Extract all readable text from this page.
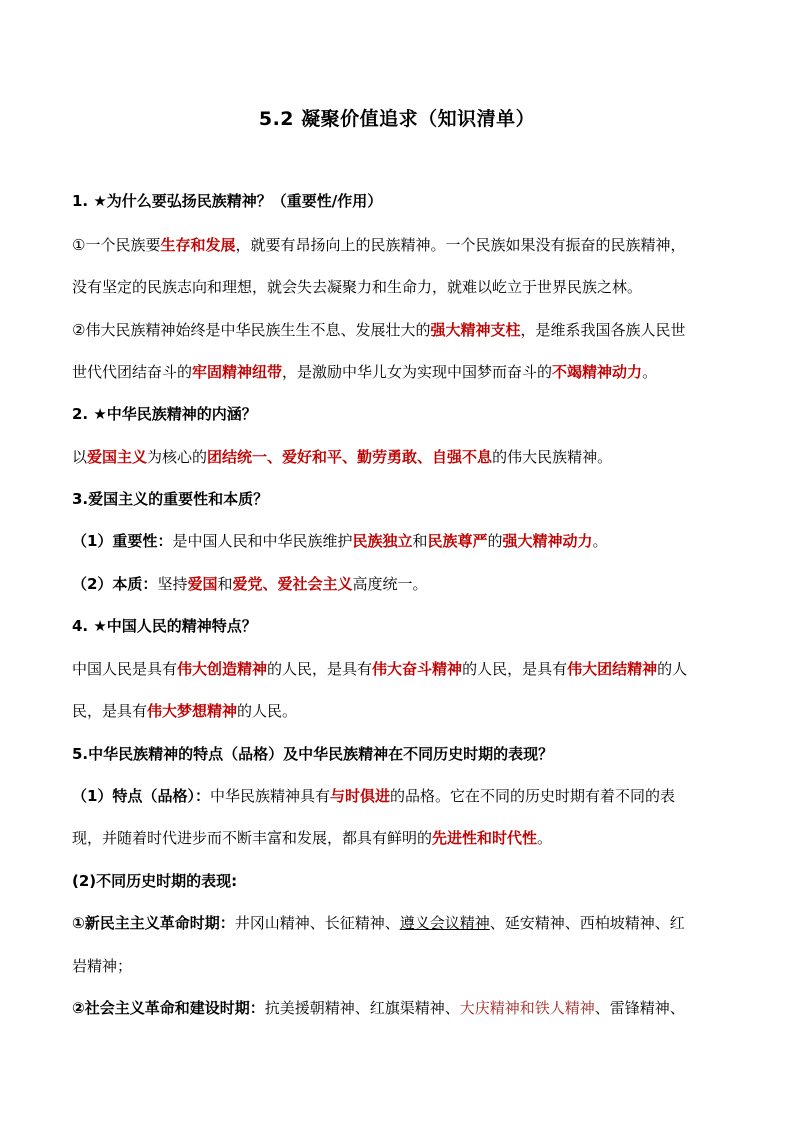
5.2 凝聚价值追求（知识清单）
1. ★为什么要弘扬民族精神？（重要性/作用）
①一个民族要生存和发展，就要有昂扬向上的民族精神。一个民族如果没有振奋的民族精神，
没有坚定的民族志向和理想，就会失去凝聚力和生命力，就难以屹立于世界民族之林。
②伟大民族精神始终是中华民族生生不息、发展壮大的强大精神支柱，是维系我国各族人民世
世代代团结奋斗的牢固精神纽带，是激励中华儿女为实现中国梦而奋斗的不竭精神动力。
2. ★中华民族精神的内涵？
以爱国主义为核心的团结统一、爱好和平、勤劳勇敢、自强不息的伟大民族精神。
3.爱国主义的重要性和本质？
（1）重要性：是中国人民和中华民族维护民族独立和民族尊严的强大精神动力。
（2）本质：坚持爱国和爱党、爱社会主义高度统一。
4. ★中国人民的精神特点？
中国人民是具有伟大创造精神的人民，是具有伟大奋斗精神的人民，是具有伟大团结精神的人
民，是具有伟大梦想精神的人民。
5.中华民族精神的特点（品格）及中华民族精神在不同历史时期的表现？
（1）特点（品格）：中华民族精神具有与时俱进的品格。它在不同的历史时期有着不同的表
现，并随着时代进步而不断丰富和发展，都具有鲜明的先进性和时代性。
(2)不同历史时期的表现:
①新民主主义革命时期：井冈山精神、长征精神、遵义会议精神、延安精神、西柏坡精神、红
岩精神；
②社会主义革命和建设时期：抗美援朝精神、红旗渠精神、大庆精神和铁人精神、雷锋精神、
